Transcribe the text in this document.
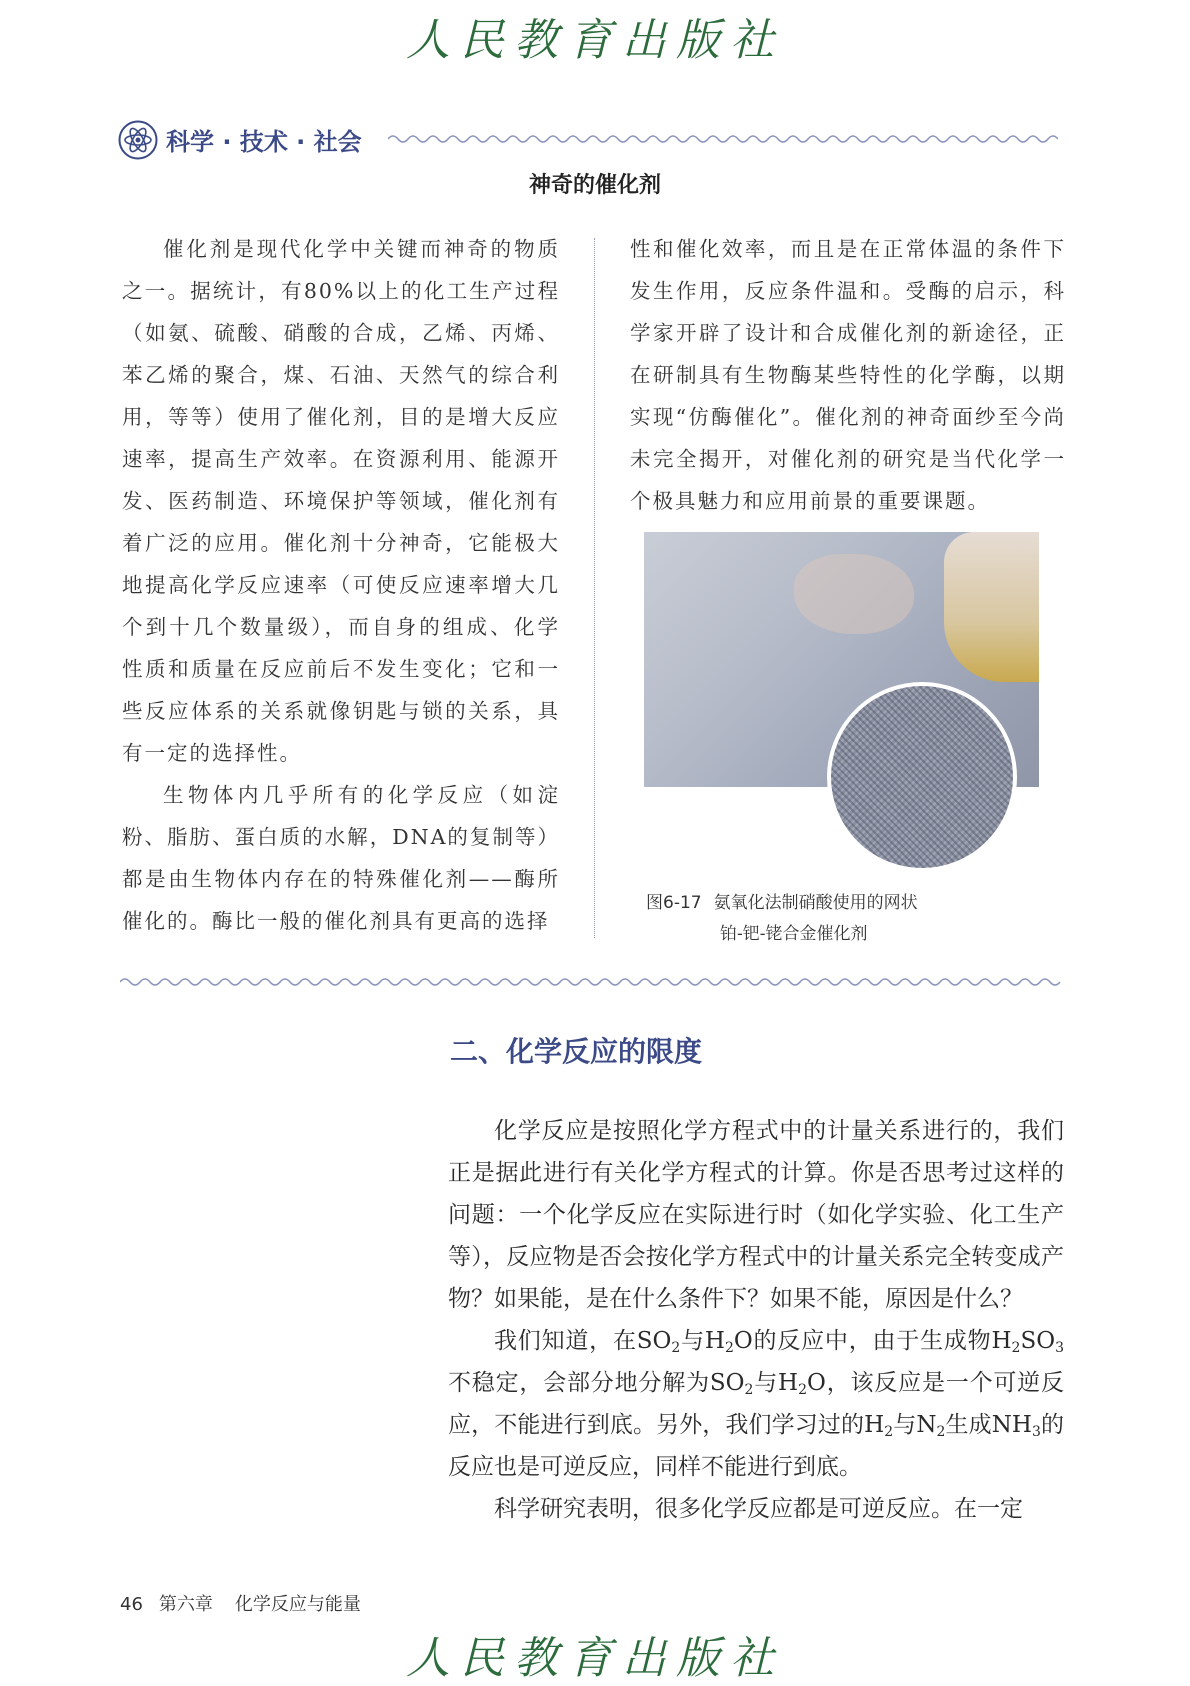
人民教育出版社
科学 · 技术 · 社会
神奇的催化剂

催化剂是现代化学中关键而神奇的物质之一。据统计，有80%以上的化工生产过程（如氨、硫酸、硝酸的合成，乙烯、丙烯、苯乙烯的聚合，煤、石油、天然气的综合利用，等等）使用了催化剂，目的是增大反应速率，提高生产效率。在资源利用、能源开发、医药制造、环境保护等领域，催化剂有着广泛的应用。催化剂十分神奇，它能极大地提高化学反应速率（可使反应速率增大几个到十几个数量级），而自身的组成、化学性质和质量在反应前后不发生变化；它和一些反应体系的关系就像钥匙与锁的关系，具有一定的选择性。

生物体内几乎所有的化学反应（如淀粉、脂肪、蛋白质的水解，DNA的复制等）都是由生物体内存在的特殊催化剂——酶所催化的。酶比一般的催化剂具有更高的选择

性和催化效率，而且是在正常体温的条件下发生作用，反应条件温和。受酶的启示，科学家开辟了设计和合成催化剂的新途径，正在研制具有生物酶某些特性的化学酶，以期实现“仿酶催化”。催化剂的神奇面纱至今尚未完全揭开，对催化剂的研究是当代化学一个极具魅力和应用前景的重要课题。

图6-17 氨氧化法制硝酸使用的网状
铂-钯-铑合金催化剂
二、化学反应的限度

化学反应是按照化学方程式中的计量关系进行的，我们正是据此进行有关化学方程式的计算。你是否思考过这样的问题：一个化学反应在实际进行时（如化学实验、化工生产等），反应物是否会按化学方程式中的计量关系完全转变成产物？如果能，是在什么条件下？如果不能，原因是什么？

我们知道，在$SO_2$与$H_2O$的反应中，由于生成物$H_2SO_3$不稳定，会部分地分解为$SO_2$与$H_2O$，该反应是一个可逆反应，不能进行到底。另外，我们学习过的$H_2$与$N_2$生成$NH_3$的反应也是可逆反应，同样不能进行到底。

科学研究表明，很多化学反应都是可逆反应。在一定

46 第六章 化学反应与能量
人民教育出版社
